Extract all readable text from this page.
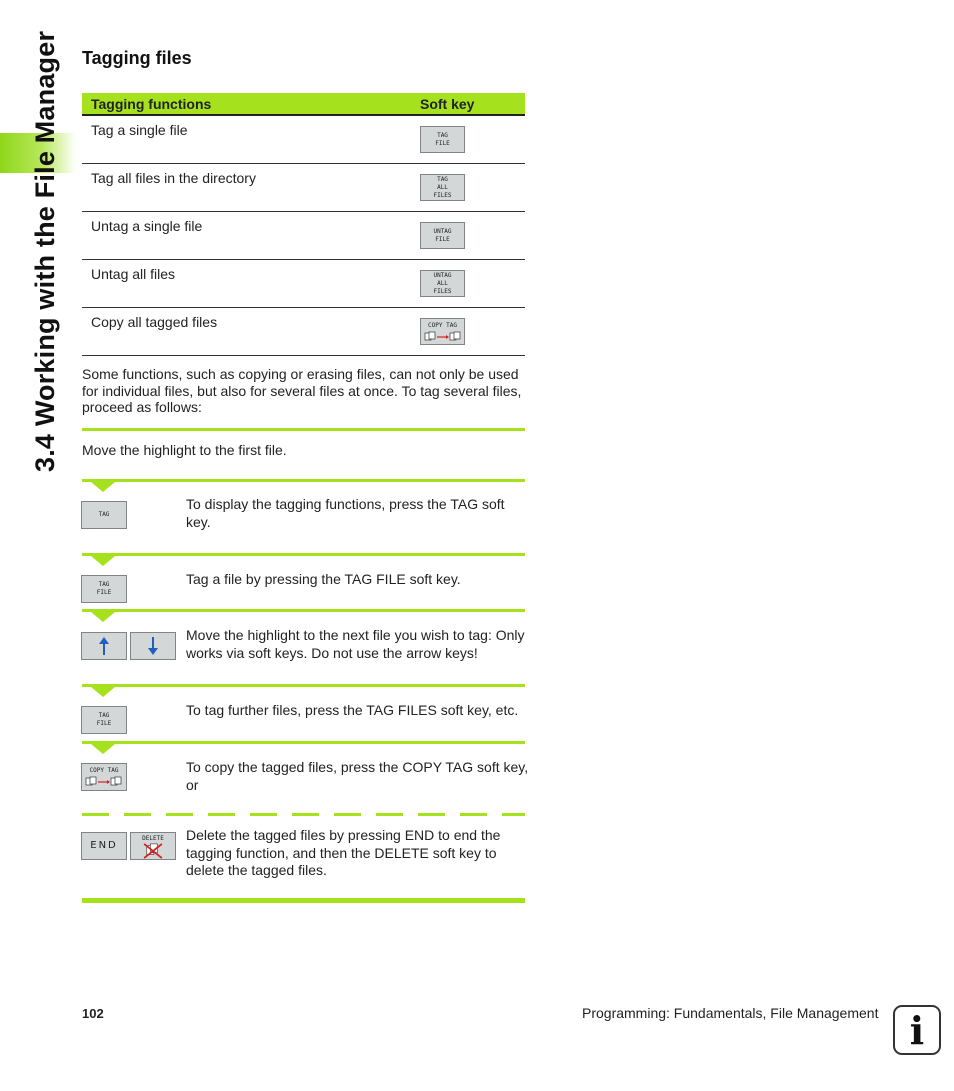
3.4 Working with the File Manager Tagging files
Tagging functions	Soft key
Tag a single file	TAG
FILE
Tag all files in the directory	TAG
ALL
FILES
Untag a single file	UNTAG
FILE
Untag all files	UNTAG
ALL
FILES
Copy all tagged files	COPY TAG

Some functions, such as copying or erasing files, can not only be used for individual files, but also for several files at once. To tag several files, proceed as follows:

Move the highlight to the first file.
TAG
To display the tagging functions, press the TAG soft key.
TAG
FILE
Tag a file by pressing the TAG FILE soft key.
Move the highlight to the next file you wish to tag: Only works via soft keys. Do not use the arrow keys!
TAG
FILE
To tag further files, press the TAG FILES soft key, etc.
COPY TAG	To copy the tagged files, press the COPY TAG soft key, or
END
DELETE Delete the tagged files by pressing END to end the tagging function, and then the DELETE soft key to delete the tagged files.
102	Programming: Fundamentals, File Management i
